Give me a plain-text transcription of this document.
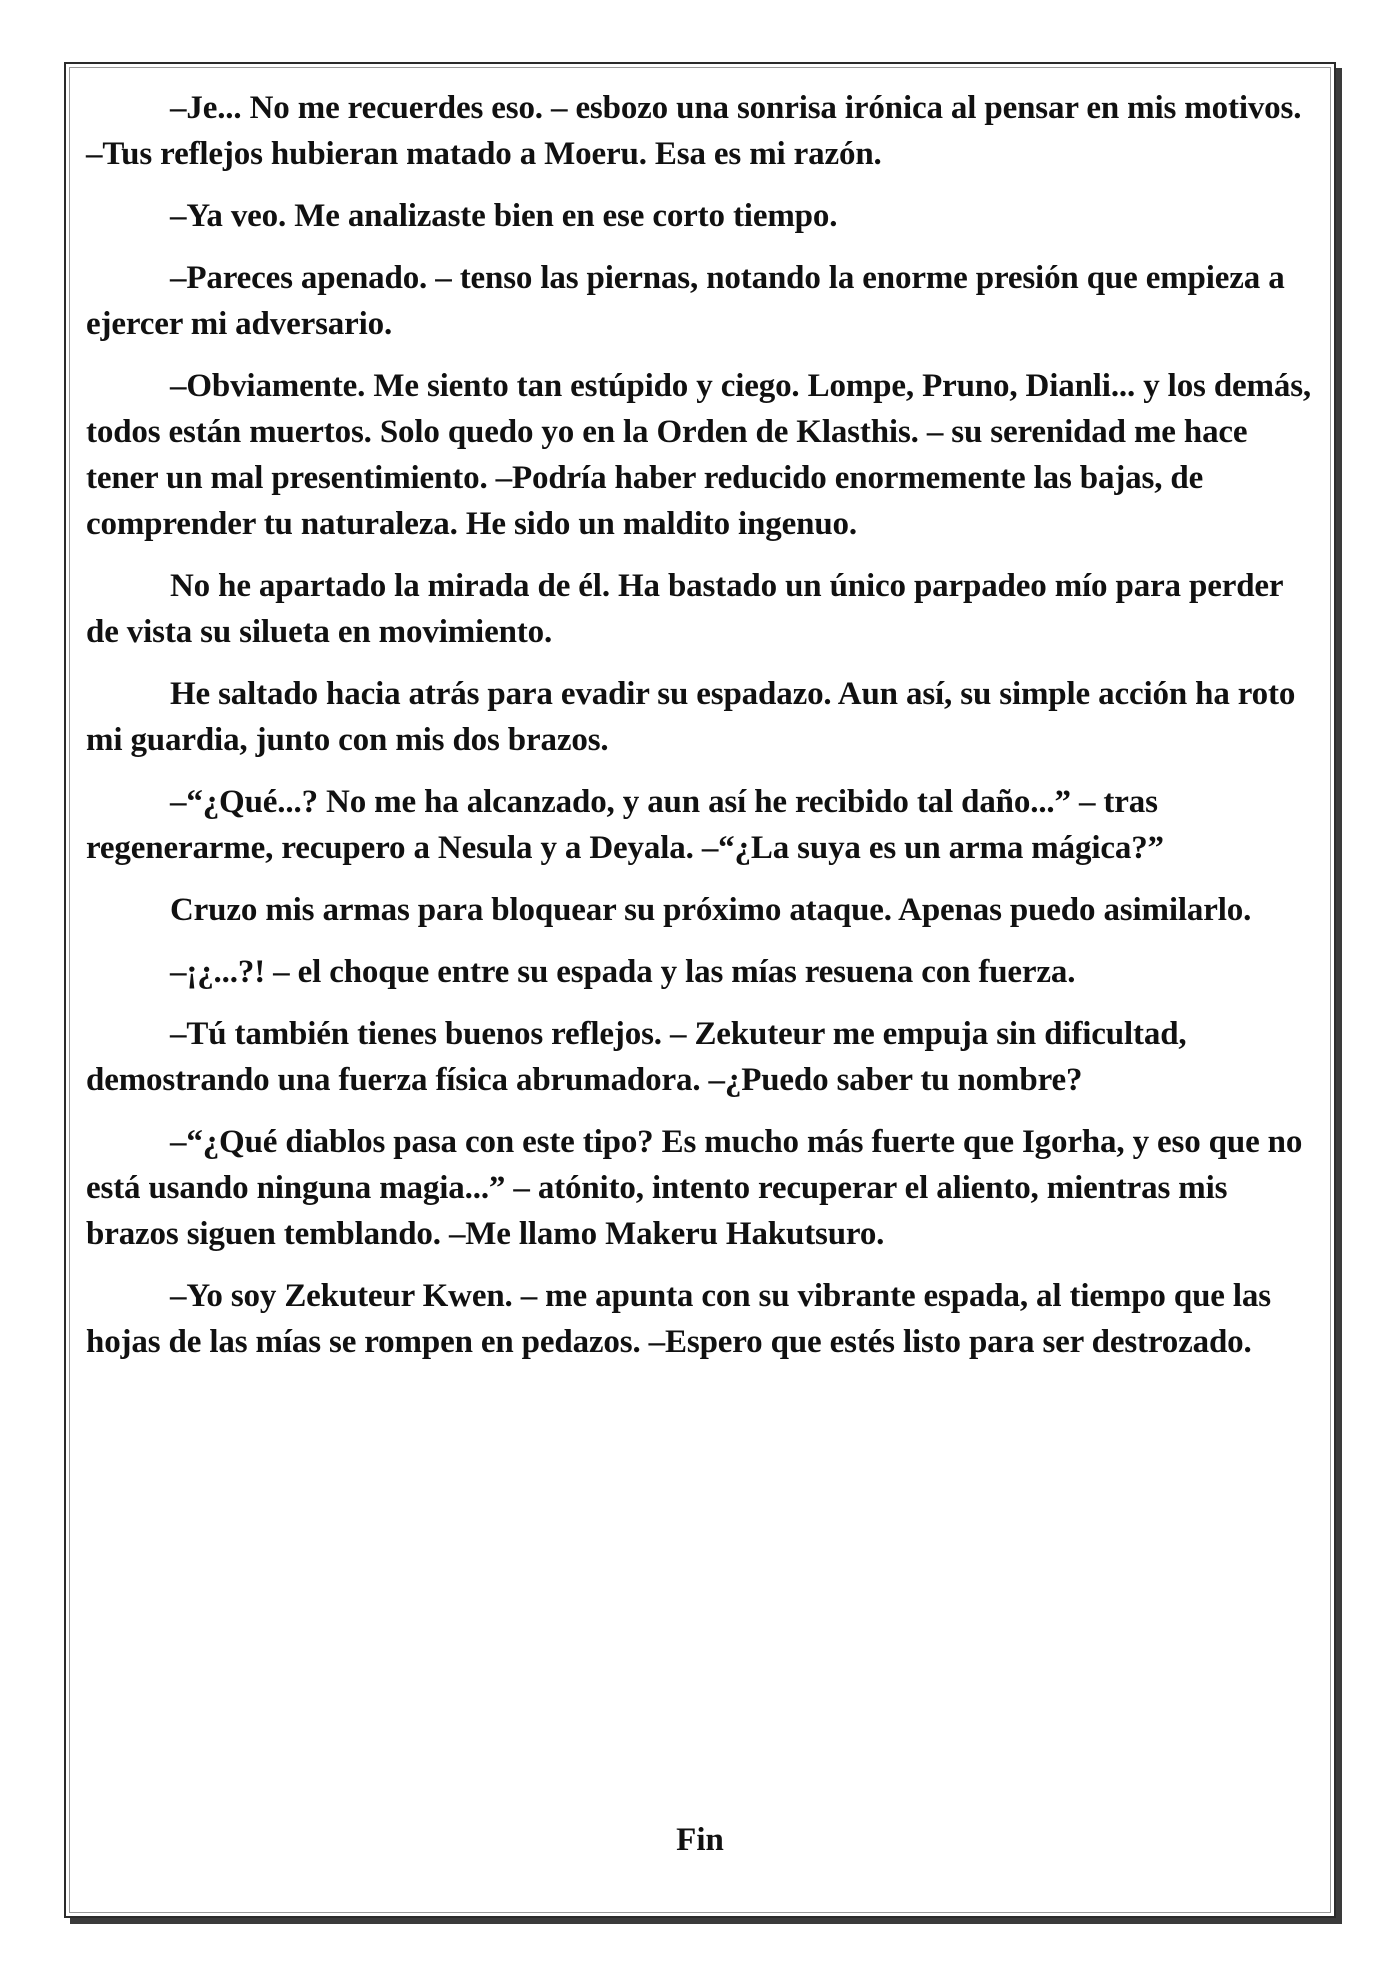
–Je... No me recuerdes eso. – esbozo una sonrisa irónica al pensar en mis motivos. –Tus reflejos hubieran matado a Moeru. Esa es mi razón.

–Ya veo. Me analizaste bien en ese corto tiempo.

–Pareces apenado. – tenso las piernas, notando la enorme presión que empieza a ejercer mi adversario.

–Obviamente. Me siento tan estúpido y ciego. Lompe, Pruno, Dianli... y los demás, todos están muertos. Solo quedo yo en la Orden de Klasthis. – su serenidad me hace tener un mal presentimiento. –Podría haber reducido enormemente las bajas, de comprender tu naturaleza. He sido un maldito ingenuo.

No he apartado la mirada de él. Ha bastado un único parpadeo mío para perder de vista su silueta en movimiento.

He saltado hacia atrás para evadir su espadazo. Aun así, su simple acción ha roto mi guardia, junto con mis dos brazos.

–“¿Qué...? No me ha alcanzado, y aun así he recibido tal daño...” – tras regenerarme, recupero a Nesula y a Deyala. –“¿La suya es un arma mágica?”

Cruzo mis armas para bloquear su próximo ataque. Apenas puedo asimilarlo.

–¡¿...?! – el choque entre su espada y las mías resuena con fuerza.

–Tú también tienes buenos reflejos. – Zekuteur me empuja sin dificultad, demostrando una fuerza física abrumadora. –¿Puedo saber tu nombre?

–“¿Qué diablos pasa con este tipo? Es mucho más fuerte que Igorha, y eso que no está usando ninguna magia...” – atónito, intento recuperar el aliento, mientras mis brazos siguen temblando. –Me llamo Makeru Hakutsuro.

–Yo soy Zekuteur Kwen. – me apunta con su vibrante espada, al tiempo que las hojas de las mías se rompen en pedazos. –Espero que estés listo para ser destrozado.

Fin
